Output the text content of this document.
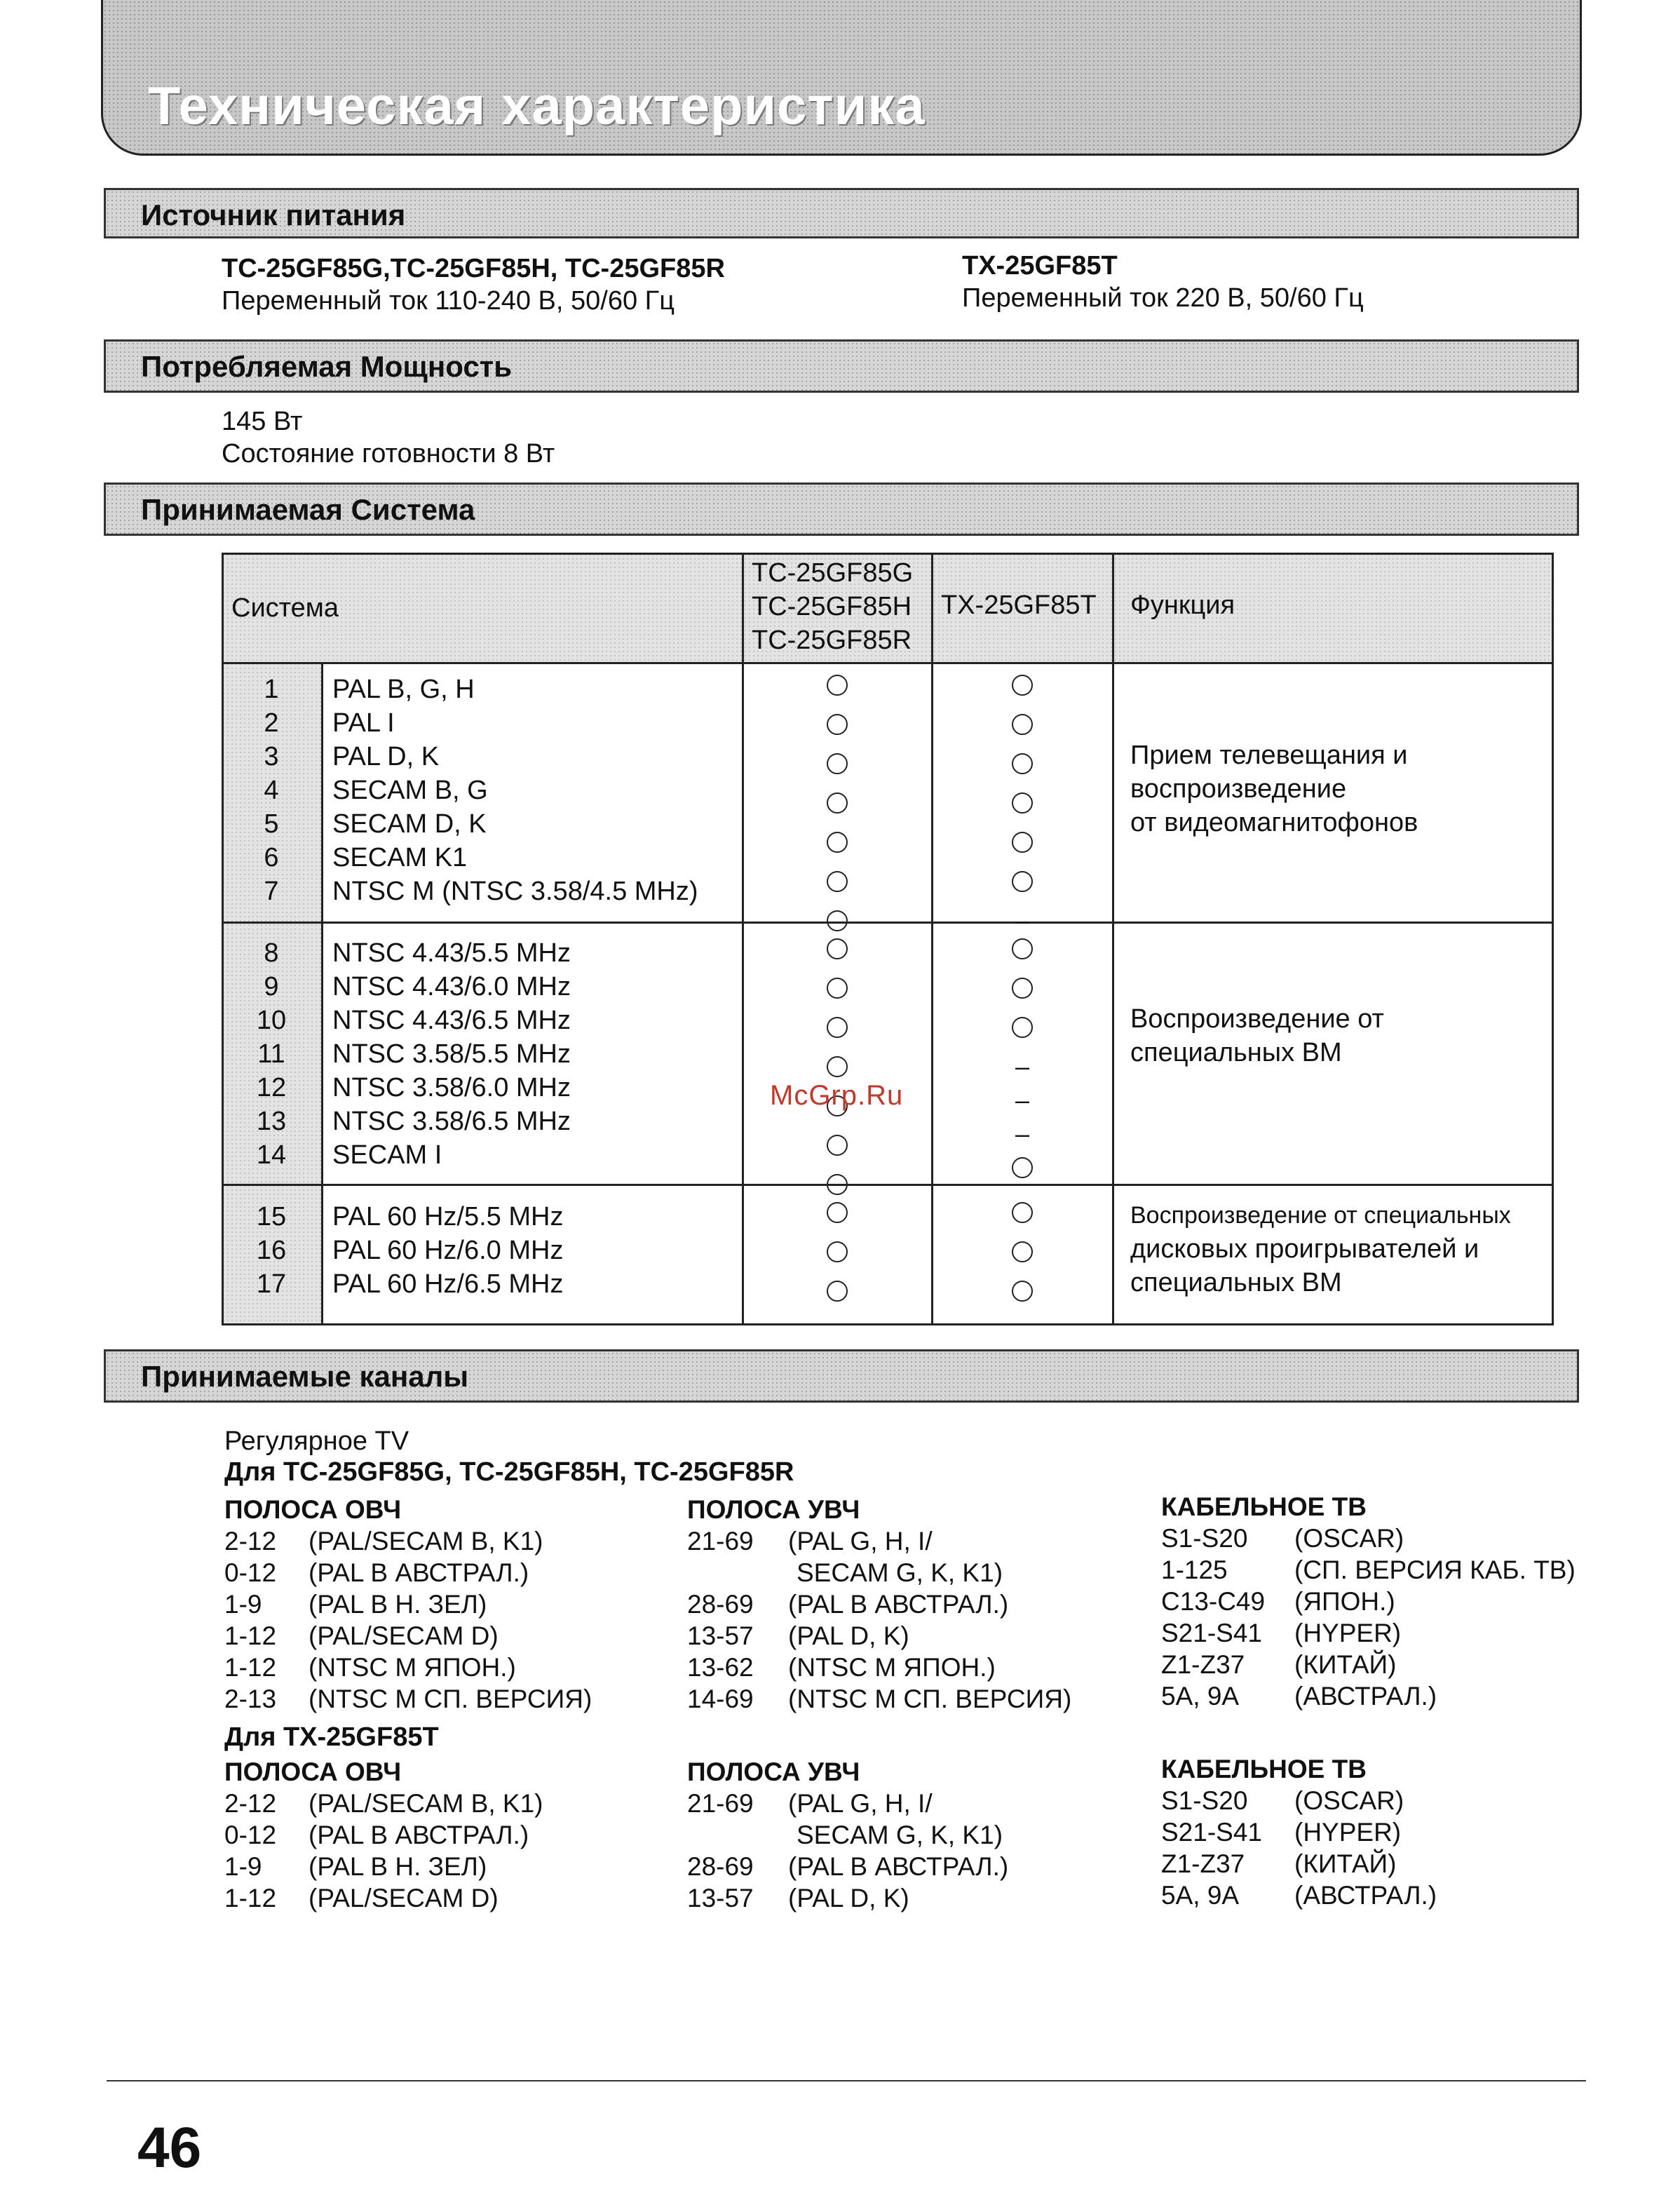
Техническая характеристика
Источник питания
TC-25GF85G,TC-25GF85H, TC-25GF85R
Переменный ток 110-240 В, 50/60 Гц
TX-25GF85T
Переменный ток 220 В, 50/60 Гц
Потребляемая Мощность
145 Вт
Состояние готовности 8 Вт
Принимаемая Система
Система
TC-25GF85G
TC-25GF85H
TC-25GF85R
TX-25GF85T Функция
1
2
3
4
5
6
7
PAL B, G, H
PAL I
PAL D, K
SECAM B, G
SECAM D, K
SECAM K1
NTSC M (NTSC 3.58/4.5 MHz)
–
Прием телевещания и
воспроизведение
от видеомагнитофонов
8
9
10
11
12
13
14
NTSC 4.43/5.5 MHz
NTSC 4.43/6.0 MHz
NTSC 4.43/6.5 MHz
NTSC 3.58/5.5 MHz
NTSC 3.58/6.0 MHz
NTSC 3.58/6.5 MHz
SECAM I
–
–
–
Воспроизведение от
специальных ВМ
15
16
17
PAL 60 Hz/5.5 MHz
PAL 60 Hz/6.0 MHz
PAL 60 Hz/6.5 MHz
Воспроизведение от специальных
дисковых проигрывателей и
специальных ВМ
McGrp.Ru
Принимаемые каналы
Регулярное TV
Для TC-25GF85G, TC-25GF85H, TC-25GF85R
ПОЛОСА ОВЧ
2-12 (PAL/SECAM B, K1)
0-12 (PAL В АВСТРАЛ.)
1-9 (PAL В Н. ЗЕЛ)
1-12 (PAL/SECAM D)
1-12 (NTSC М ЯПОН.)
2-13 (NTSC М СП. ВЕРСИЯ)
ПОЛОСА УВЧ
21-69 (PAL G, H, I/
SECAM G, K, K1)
28-69 (PAL В АВСТРАЛ.)
13-57 (PAL D, K)
13-62 (NTSC М ЯПОН.)
14-69 (NTSC М СП. ВЕРСИЯ)
КАБЕЛЬНОЕ ТВ
S1-S20 (OSCAR)
1-125	(СП. ВЕРСИЯ КАБ. ТВ)
C13-C49 (ЯПОН.)
S21-S41 (HYPER)
Z1-Z37 (КИТАЙ)
5A, 9A (АВСТРАЛ.)
Для TX-25GF85T
ПОЛОСА ОВЧ
2-12 (PAL/SECAM B, K1)
0-12 (PAL В АВСТРАЛ.)
1-9 (PAL В Н. ЗЕЛ)
1-12 (PAL/SECAM D)
ПОЛОСА УВЧ
21-69 (PAL G, H, I/
SECAM G, K, K1)
28-69 (PAL В АВСТРАЛ.)
13-57 (PAL D, K)
КАБЕЛЬНОЕ ТВ
S1-S20 (OSCAR)
S21-S41 (HYPER)
Z1-Z37 (КИТАЙ)
5A, 9A (АВСТРАЛ.)
46
